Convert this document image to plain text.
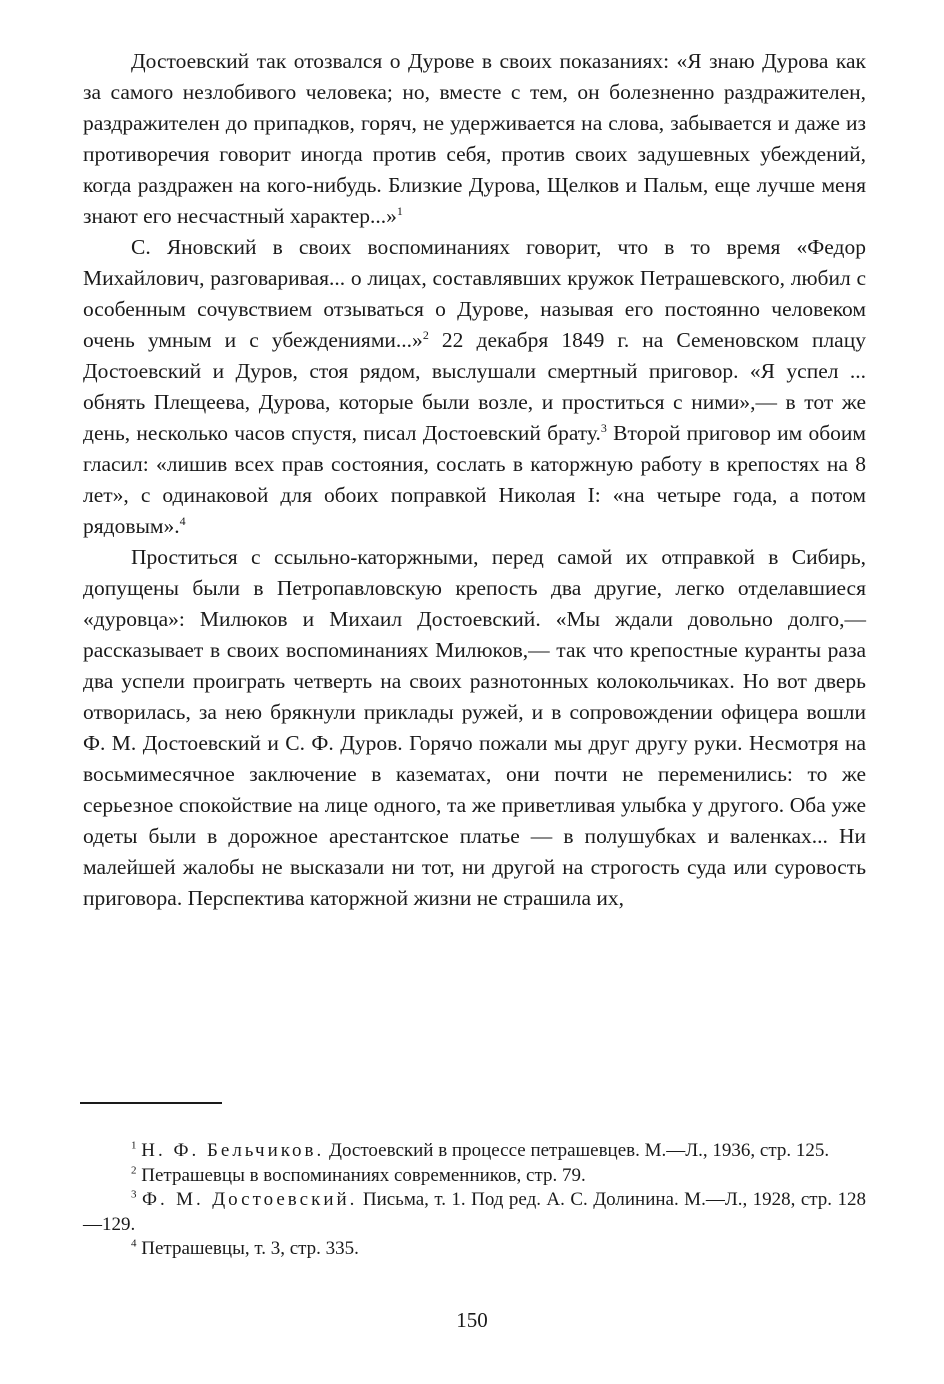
Достоевский так отозвался о Дурове в своих показаниях: «Я знаю Дурова как за самого незлобивого человека; но, вместе с тем, он болезненно раздражителен, раздражителен до припадков, горяч, не удерживается на слова, забывается и даже из противоречия говорит иногда против себя, против своих задушевных убеждений, когда раздражен на кого-нибудь. Близкие Дурова, Щелков и Пальм, еще лучше меня знают его несчастный характер...»$^1$

С. Яновский в своих воспоминаниях говорит, что в то время «Федор Михайлович, разговаривая... о лицах, составлявших кружок Петрашевского, любил с особенным сочувствием отзываться о Дурове, называя его постоянно человеком очень умным и с убеждениями...»$^2$ 22 декабря 1849 г. на Семеновском плацу Достоевский и Дуров, стоя рядом, выслушали смертный приговор. «Я успел ... обнять Плещеева, Дурова, которые были возле, и проститься с ними»,— в тот же день, несколько часов спустя, писал Достоевский брату.$^3$ Второй приговор им обоим гласил: «лишив всех прав состояния, сослать в каторжную работу в крепостях на 8 лет», с одинаковой для обоих поправкой Николая I: «на четыре года, а потом рядовым».$^4$

Проститься с ссыльно-каторжными, перед самой их отправкой в Сибирь, допущены были в Петропавловскую крепость два другие, легко отделавшиеся «дуровца»: Милюков и Михаил Достоевский. «Мы ждали довольно долго,— рассказывает в своих воспоминаниях Милюков,— так что крепостные куранты раза два успели проиграть четверть на своих разнотонных колокольчиках. Но вот дверь отворилась, за нею брякнули приклады ружей, и в сопровождении офицера вошли Ф. М. Достоевский и С. Ф. Дуров. Горячо пожали мы друг другу руки. Несмотря на восьмимесячное заключение в казематах, они почти не переменились: то же серьезное спокойствие на лице одного, та же приветливая улыбка у другого. Оба уже одеты были в дорожное арестантское платье — в полушубках и валенках... Ни малейшей жалобы не высказали ни тот, ни другой на строгость суда или суровость приговора. Перспектива каторжной жизни не страшила их,

$^1$ Н. Ф. Бельчиков. Достоевский в процессе петрашевцев. М.—Л., 1936, стр. 125.

$^2$ Петрашевцы в воспоминаниях современников, стр. 79.

$^3$ Ф. М. Достоевский. Письма, т. 1. Под ред. А. С. Долинина. М.—Л., 1928, стр. 128—129.

$^4$ Петрашевцы, т. 3, стр. 335.

150
